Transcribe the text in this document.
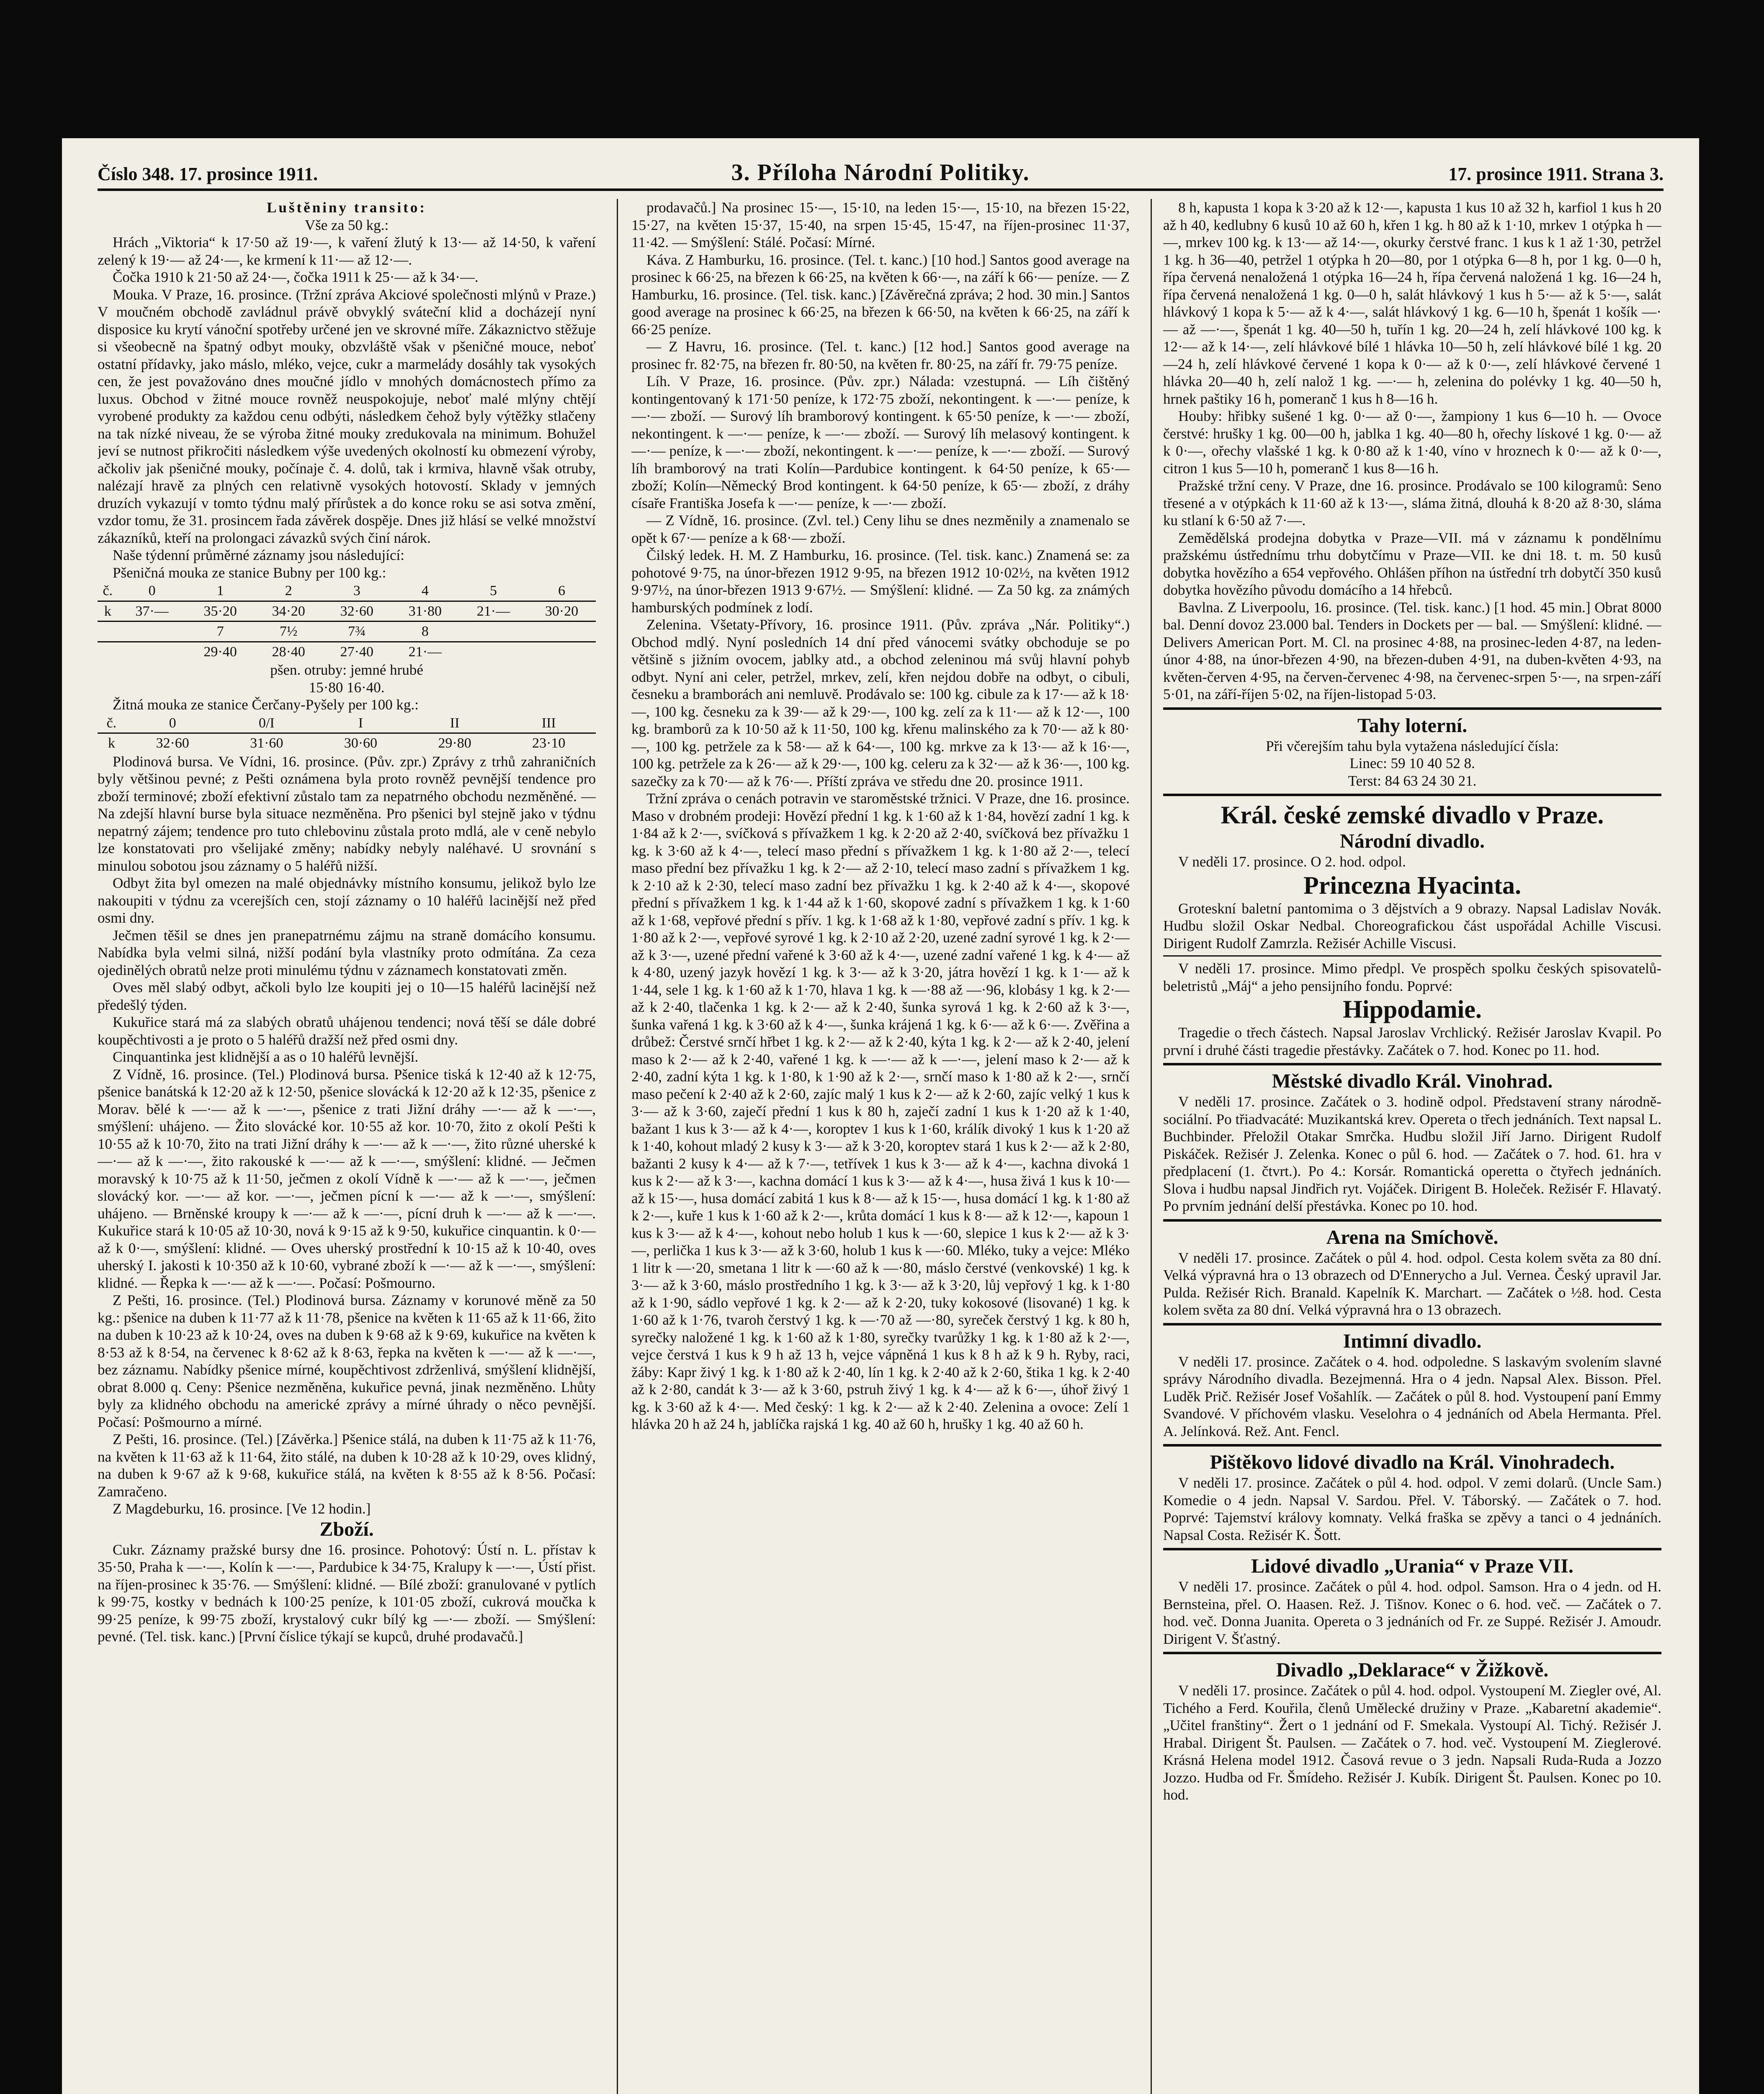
Číslo 348. 17. prosince 1911.	3. Příloha Národní Politiky.	17. prosince 1911. Strana 3.

Luštěniny transito:

Vše za 50 kg.:

Hrách „Viktoria“ k 17·50 až 19·—, k vaření žlutý k 13·— až 14·50, k vaření zelený k 19·— až 24·—, ke krmení k 11·— až 12·—.

Čočka 1910 k 21·50 až 24·—, čočka 1911 k 25·— až k 34·—.

Mouka. V Praze, 16. prosince. (Tržní zpráva Akciové společnosti mlýnů v Praze.) V moučném obchodě zavládnul právě obvyklý sváteční klid a docházejí nyní disposice ku krytí vánoční spotřeby určené jen ve skrovné míře. Zákaznictvo stěžuje si všeobecně na špatný odbyt mouky, obzvláště však v pšeničné mouce, neboť ostatní přídavky, jako máslo, mléko, vejce, cukr a marmelády dosáhly tak vysokých cen, že jest považováno dnes moučné jídlo v mnohých domácnostech přímo za luxus. Obchod v žitné mouce rovněž neuspokojuje, neboť malé mlýny chtějí vyrobené produkty za každou cenu odbýti, následkem čehož byly výtěžky stlačeny na tak nízké niveau, že se výroba žitné mouky zredukovala na minimum. Bohužel jeví se nutnost přikročiti následkem výše uvedených okolností ku obmezení výroby, ačkoliv jak pšeničné mouky, počínaje č. 4. dolů, tak i krmiva, hlavně však otruby, nalézají hravě za plných cen relativně vysokých hotovostí. Sklady v jemných druzích vykazují v tomto týdnu malý přírůstek a do konce roku se asi sotva změní, vzdor tomu, že 31. prosincem řada závěrek dospěje. Dnes již hlásí se velké množství zákazníků, kteří na prolongaci závazků svých činí nárok.

Naše týdenní průměrné záznamy jsou následující:

Pšeničná mouka ze stanice Bubny per 100 kg.:

č.	0	1	2	3	4	5	6
k	37·—	35·20	34·20	32·60	31·80	21·—	30·20
		7	7½	7¾	8		
		29·40	28·40	27·40	21·—		

pšen. otruby: jemné hrubé

15·80 16·40.

Žitná mouka ze stanice Čerčany-Pyšely per 100 kg.:

č.	0	0/I	I	II	III
k	32·60	31·60	30·60	29·80	23·10

Plodinová bursa. Ve Vídni, 16. prosince. (Pův. zpr.) Zprávy z trhů zahraničních byly většinou pevné; z Pešti oznámena byla proto rovněž pevnější tendence pro zboží terminové; zboží efektivní zůstalo tam za nepatrného obchodu nezměněné. — Na zdejší hlavní burse byla situace nezměněna. Pro pšenici byl stejně jako v týdnu nepatrný zájem; tendence pro tuto chlebovinu zůstala proto mdlá, ale v ceně nebylo lze konstatovati pro všelijaké změny; nabídky nebyly naléhavé. U srovnání s minulou sobotou jsou záznamy o 5 haléřů nižší.

Odbyt žita byl omezen na malé objednávky místního konsumu, jelikož bylo lze nakoupiti v týdnu za vcerejších cen, stojí záznamy o 10 haléřů lacinější než před osmi dny.

Ječmen těšil se dnes jen pranepatrnému zájmu na straně domácího konsumu. Nabídka byla velmi silná, nižší podání byla vlastníky proto odmítána. Za ceza ojedinělých obratů nelze proti minulému týdnu v záznamech konstatovati změn.

Oves měl slabý odbyt, ačkoli bylo lze koupiti jej o 10—15 haléřů lacinější než předešlý týden.

Kukuřice stará má za slabých obratů uhájenou tendenci; nová těší se dále dobré koupěchtivosti a je proto o 5 haléřů dražší než před osmi dny.

Cinquantinka jest klidnější a as o 10 haléřů levnější.

Z Vídně, 16. prosince. (Tel.) Plodinová bursa. Pšenice tiská k 12·40 až k 12·75, pšenice banátská k 12·20 až k 12·50, pšenice slovácká k 12·20 až k 12·35, pšenice z Morav. bělé k —·— až k —·—, pšenice z trati Jižní dráhy —·— až k —·—, smýšlení: uhájeno. — Žito slovácké kor. 10·55 až kor. 10·70, žito z okolí Pešti k 10·55 až k 10·70, žito na trati Jižní dráhy k —·— až k —·—, žito různé uherské k —·— až k —·—, žito rakouské k —·— až k —·—, smýšlení: klidné. — Ječmen moravský k 10·75 až k 11·50, ječmen z okolí Vídně k —·— až k —·—, ječmen slovácký kor. —·— až kor. —·—, ječmen pícní k —·— až k —·—, smýšlení: uhájeno. — Brněnské kroupy k —·— až k —·—, pícní druh k —·— až k —·—. Kukuřice stará k 10·05 až 10·30, nová k 9·15 až k 9·50, kukuřice cinquantin. k 0·— až k 0·—, smýšlení: klidné. — Oves uherský prostřední k 10·15 až k 10·40, oves uherský I. jakosti k 10·350 až k 10·60, vybrané zboží k —·— až k —·—, smýšlení: klidné. — Řepka k —·— až k —·—. Počasí: Pošmourno.

Z Pešti, 16. prosince. (Tel.) Plodinová bursa. Záznamy v korunové měně za 50 kg.: pšenice na duben k 11·77 až k 11·78, pšenice na květen k 11·65 až k 11·66, žito na duben k 10·23 až k 10·24, oves na duben k 9·68 až k 9·69, kukuřice na květen k 8·53 až k 8·54, na červenec k 8·62 až k 8·63, řepka na květen k —·— až k —·—, bez záznamu. Nabídky pšenice mírné, koupěchtivost zdrženlivá, smýšlení klidnější, obrat 8.000 q. Ceny: Pšenice nezměněna, kukuřice pevná, jinak nezměněno. Lhůty byly za klidného obchodu na americké zprávy a mírné úhrady o něco pevnější. Počasí: Pošmourno a mírné.

Z Pešti, 16. prosince. (Tel.) [Závěrka.] Pšenice stálá, na duben k 11·75 až k 11·76, na květen k 11·63 až k 11·64, žito stálé, na duben k 10·28 až k 10·29, oves klidný, na duben k 9·67 až k 9·68, kukuřice stálá, na květen k 8·55 až k 8·56. Počasí: Zamračeno.

Z Magdeburku, 16. prosince. [Ve 12 hodin.]

Zboží.

Cukr. Záznamy pražské bursy dne 16. prosince. Pohotový: Ústí n. L. přístav k 35·50, Praha k —·—, Kolín k —·—, Pardubice k 34·75, Kralupy k —·—, Ústí přist. na říjen-prosinec k 35·76. — Smýšlení: klidné. — Bílé zboží: granulované v pytlích k 99·75, kostky v bednách k 100·25 peníze, k 101·05 zboží, cukrová moučka k 99·25 peníze, k 99·75 zboží, krystalový cukr bílý kg —·— zboží. — Smýšlení: pevné. (Tel. tisk. kanc.) [První číslice týkají se kupců, druhé prodavačů.]

prodavačů.] Na prosinec 15·—, 15·10, na leden 15·—, 15·10, na březen 15·22, 15·27, na květen 15·37, 15·40, na srpen 15·45, 15·47, na říjen-prosinec 11·37, 11·42. — Smýšlení: Stálé. Počasí: Mírné.

Káva. Z Hamburku, 16. prosince. (Tel. t. kanc.) [10 hod.] Santos good average na prosinec k 66·25, na březen k 66·25, na květen k 66·—, na září k 66·— peníze. — Z Hamburku, 16. prosince. (Tel. tisk. kanc.) [Závěrečná zpráva; 2 hod. 30 min.] Santos good average na prosinec k 66·25, na březen k 66·50, na květen k 66·25, na září k 66·25 peníze.

— Z Havru, 16. prosince. (Tel. t. kanc.) [12 hod.] Santos good average na prosinec fr. 82·75, na březen fr. 80·50, na květen fr. 80·25, na září fr. 79·75 peníze.

Líh. V Praze, 16. prosince. (Pův. zpr.) Nálada: vzestupná. — Líh čištěný kontingentovaný k 171·50 peníze, k 172·75 zboží, nekontingent. k —·— peníze, k —·— zboží. — Surový líh bramborový kontingent. k 65·50 peníze, k —·— zboží, nekontingent. k —·— peníze, k —·— zboží. — Surový líh melasový kontingent. k —·— peníze, k —·— zboží, nekontingent. k —·— peníze, k —·— zboží. — Surový líh bramborový na trati Kolín—Pardubice kontingent. k 64·50 peníze, k 65·— zboží; Kolín—Německý Brod kontingent. k 64·50 peníze, k 65·— zboží, z dráhy císaře Františka Josefa k —·— peníze, k —·— zboží.

— Z Vídně, 16. prosince. (Zvl. tel.) Ceny lihu se dnes nezměnily a znamenalo se opět k 67·— peníze a k 68·— zboží.

Čilský ledek. H. M. Z Hamburku, 16. prosince. (Tel. tisk. kanc.) Znamená se: za pohotové 9·75, na únor-březen 1912 9·95, na březen 1912 10·02½, na květen 1912 9·97½, na únor-březen 1913 9·67½. — Smýšlení: klidné. — Za 50 kg. za známých hamburských podmínek z lodí.

Zelenina. Všetaty-Přívory, 16. prosince 1911. (Pův. zpráva „Nár. Politiky“.) Obchod mdlý. Nyní posledních 14 dní před vánocemi svátky obchoduje se po většině s jižním ovocem, jablky atd., a obchod zeleninou má svůj hlavní pohyb odbyt. Nyní ani celer, petržel, mrkev, zelí, křen nejdou dobře na odbyt, o cibuli, česneku a bramborách ani nemluvě. Prodávalo se: 100 kg. cibule za k 17·— až k 18·—, 100 kg. česneku za k 39·— až k 29·—, 100 kg. zelí za k 11·— až k 12·—, 100 kg. bramborů za k 10·50 až k 11·50, 100 kg. křenu malinského za k 70·— až k 80·—, 100 kg. petržele za k 58·— až k 64·—, 100 kg. mrkve za k 13·— až k 16·—, 100 kg. petržele za k 26·— až k 29·—, 100 kg. celeru za k 32·— až k 36·—, 100 kg. sazečky za k 70·— až k 76·—. Příští zpráva ve středu dne 20. prosince 1911.

Tržní zpráva o cenách potravin ve staroměstské tržnici. V Praze, dne 16. prosince. Maso v drobném prodeji: Hovězí přední 1 kg. k 1·60 až k 1·84, hovězí zadní 1 kg. k 1·84 až k 2·—, svíčková s přívažkem 1 kg. k 2·20 až 2·40, svíčková bez přívažku 1 kg. k 3·60 až k 4·—, telecí maso přední s přívažkem 1 kg. k 1·80 až 2·—, telecí maso přední bez přívažku 1 kg. k 2·— až 2·10, telecí maso zadní s přívažkem 1 kg. k 2·10 až k 2·30, telecí maso zadní bez přívažku 1 kg. k 2·40 až k 4·—, skopové přední s přívažkem 1 kg. k 1·44 až k 1·60, skopové zadní s přívažkem 1 kg. k 1·60 až k 1·68, vepřové přední s přív. 1 kg. k 1·68 až k 1·80, vepřové zadní s přív. 1 kg. k 1·80 až k 2·—, vepřové syrové 1 kg. k 2·10 až 2·20, uzené zadní syrové 1 kg. k 2·— až k 3·—, uzené přední vařené k 3·60 až k 4·—, uzené zadní vařené 1 kg. k 4·— až k 4·80, uzený jazyk hovězí 1 kg. k 3·— až k 3·20, játra hovězí 1 kg. k 1·— až k 1·44, sele 1 kg. k 1·60 až k 1·70, hlava 1 kg. k —·88 až —·96, klobásy 1 kg. k 2·— až k 2·40, tlačenka 1 kg. k 2·— až k 2·40, šunka syrová 1 kg. k 2·60 až k 3·—, šunka vařená 1 kg. k 3·60 až k 4·—, šunka krájená 1 kg. k 6·— až k 6·—. Zvěřina a drůbež: Čerstvé srnčí hřbet 1 kg. k 2·— až k 2·40, kýta 1 kg. k 2·— až k 2·40, jelení maso k 2·— až k 2·40, vařené 1 kg. k —·— až k —·—, jelení maso k 2·— až k 2·40, zadní kýta 1 kg. k 1·80, k 1·90 až k 2·—, srnčí maso k 1·80 až k 2·—, srnčí maso pečení k 2·40 až k 2·60, zajíc malý 1 kus k 2·— až k 2·60, zajíc velký 1 kus k 3·— až k 3·60, zaječí přední 1 kus k 80 h, zaječí zadní 1 kus k 1·20 až k 1·40, bažant 1 kus k 3·— až k 4·—, koroptev 1 kus k 1·60, králík divoký 1 kus k 1·20 až k 1·40, kohout mladý 2 kusy k 3·— až k 3·20, koroptev stará 1 kus k 2·— až k 2·80, bažanti 2 kusy k 4·— až k 7·—, tetřívek 1 kus k 3·— až k 4·—, kachna divoká 1 kus k 2·— až k 3·—, kachna domácí 1 kus k 3·— až k 4·—, husa živá 1 kus k 10·— až k 15·—, husa domácí zabitá 1 kus k 8·— až k 15·—, husa domácí 1 kg. k 1·80 až k 2·—, kuře 1 kus k 1·60 až k 2·—, krůta domácí 1 kus k 8·— až k 12·—, kapoun 1 kus k 3·— až k 4·—, kohout nebo holub 1 kus k —·60, slepice 1 kus k 2·— až k 3·—, perlička 1 kus k 3·— až k 3·60, holub 1 kus k —·60. Mléko, tuky a vejce: Mléko 1 litr k —·20, smetana 1 litr k —·60 až k —·80, máslo čerstvé (venkovské) 1 kg. k 3·— až k 3·60, máslo prostředního 1 kg. k 3·— až k 3·20, lůj vepřový 1 kg. k 1·80 až k 1·90, sádlo vepřové 1 kg. k 2·— až k 2·20, tuky kokosové (lisované) 1 kg. k 1·60 až k 1·76, tvaroh čerstvý 1 kg. k —·70 až —·80, syreček čerstvý 1 kg. k 80 h, syrečky naložené 1 kg. k 1·60 až k 1·80, syrečky tvarůžky 1 kg. k 1·80 až k 2·—, vejce čerstvá 1 kus k 9 h až 13 h, vejce vápněná 1 kus k 8 h až k 9 h. Ryby, raci, žáby: Kapr živý 1 kg. k 1·80 až k 2·40, lín 1 kg. k 2·40 až k 2·60, štika 1 kg. k 2·40 až k 2·80, candát k 3·— až k 3·60, pstruh živý 1 kg. k 4·— až k 6·—, úhoř živý 1 kg. k 3·60 až k 4·—. Med český: 1 kg. k 2·— až k 2·40. Zelenina a ovoce: Zelí 1 hlávka 20 h až 24 h, jablíčka rajská 1 kg. 40 až 60 h, hrušky 1 kg. 40 až 60 h.

8 h, kapusta 1 kopa k 3·20 až k 12·—, kapusta 1 kus 10 až 32 h, karfiol 1 kus h 20 až h 40, kedlubny 6 kusů 10 až 60 h, křen 1 kg. h 80 až k 1·10, mrkev 1 otýpka h — —, mrkev 100 kg. k 13·— až 14·—, okurky čerstvé franc. 1 kus k 1 až 1·30, petržel 1 kg. h 36—40, petržel 1 otýpka h 20—80, por 1 otýpka 6—8 h, por 1 kg. 0—0 h, řípa červená nenaložená 1 otýpka 16—24 h, řípa červená naložená 1 kg. 16—24 h, řípa červená nenaložená 1 kg. 0—0 h, salát hlávkový 1 kus h 5·— až k 5·—, salát hlávkový 1 kopa k 5·— až k 4·—, salát hlávkový 1 kg. 6—10 h, špenát 1 košík —·— až —·—, špenát 1 kg. 40—50 h, tuřín 1 kg. 20—24 h, zelí hlávkové 100 kg. k 12·— až k 14·—, zelí hlávkové bílé 1 hlávka 10—50 h, zelí hlávkové bílé 1 kg. 20—24 h, zelí hlávkové červené 1 kopa k 0·— až k 0·—, zelí hlávkové červené 1 hlávka 20—40 h, zelí nalož 1 kg. —·— h, zelenina do polévky 1 kg. 40—50 h, hrnek paštiky 16 h, pomeranč 1 kus h 8—16 h.

Houby: hřibky sušené 1 kg. 0·— až 0·—, žampiony 1 kus 6—10 h. — Ovoce čerstvé: hrušky 1 kg. 00—00 h, jablka 1 kg. 40—80 h, ořechy lískové 1 kg. 0·— až k 0·—, ořechy vlašské 1 kg. k 0·80 až k 1·40, víno v hroznech k 0·— až k 0·—, citron 1 kus 5—10 h, pomeranč 1 kus 8—16 h.

Pražské tržní ceny. V Praze, dne 16. prosince. Prodávalo se 100 kilogramů: Seno třesené a v otýpkách k 11·60 až k 13·—, sláma žitná, dlouhá k 8·20 až 8·30, sláma ku stlaní k 6·50 až 7·—.

Zemědělská prodejna dobytka v Praze—VII. má v záznamu k pondělnímu pražskému ústřednímu trhu dobytčímu v Praze—VII. ke dni 18. t. m. 50 kusů dobytka hovězího a 654 vepřového. Ohlášen příhon na ústřední trh dobytčí 350 kusů dobytka hovězího původu domácího a 14 hřebců.

Bavlna. Z Liverpoolu, 16. prosince. (Tel. tisk. kanc.) [1 hod. 45 min.] Obrat 8000 bal. Denní dovoz 23.000 bal. Tenders in Dockets per — bal. — Smýšlení: klidné. — Delivers American Port. M. Cl. na prosinec 4·88, na prosinec-leden 4·87, na leden-únor 4·88, na únor-březen 4·90, na březen-duben 4·91, na duben-květen 4·93, na květen-červen 4·95, na červen-červenec 4·98, na červenec-srpen 5·—, na srpen-září 5·01, na září-říjen 5·02, na říjen-listopad 5·03.

Tahy loterní.

Při včerejším tahu byla vytažena následující čísla:

Linec: 59 10 40 52 8.

Terst: 84 63 24 30 21.

Král. české zemské divadlo v Praze.

Národní divadlo.

V neděli 17. prosince. O 2. hod. odpol.

Princezna Hyacinta.

Groteskní baletní pantomima o 3 dějstvích a 9 obrazy. Napsal Ladislav Novák. Hudbu složil Oskar Nedbal. Choreografickou část uspořádal Achille Viscusi. Dirigent Rudolf Zamrzla. Režisér Achille Viscusi.

V neděli 17. prosince. Mimo předpl. Ve prospěch spolku českých spisovatelů-beletristů „Máj“ a jeho pensijního fondu. Poprvé:

Hippodamie.

Tragedie o třech částech. Napsal Jaroslav Vrchlický. Režisér Jaroslav Kvapil. Po první i druhé části tragedie přestávky. Začátek o 7. hod. Konec po 11. hod.

Městské divadlo Král. Vinohrad.

V neděli 17. prosince. Začátek o 3. hodině odpol. Představení strany národně-sociální. Po třiadvacáté: Muzikantská krev. Opereta o třech jednáních. Text napsal L. Buchbinder. Přeložil Otakar Smrčka. Hudbu složil Jiří Jarno. Dirigent Rudolf Piskáček. Režisér J. Zelenka. Konec o půl 6. hod. — Začátek o 7. hod. 61. hra v předplacení (1. čtvrt.). Po 4.: Korsár. Romantická operetta o čtyřech jednáních. Slova i hudbu napsal Jindřich ryt. Vojáček. Dirigent B. Holeček. Režisér F. Hlavatý. Po prvním jednání delší přestávka. Konec po 10. hod.

Arena na Smíchově.

V neděli 17. prosince. Začátek o půl 4. hod. odpol. Cesta kolem světa za 80 dní. Velká výpravná hra o 13 obrazech od D'Ennerycho a Jul. Vernea. Český upravil Jar. Pulda. Režisér Rich. Branald. Kapelník K. Marchart. — Začátek o ½8. hod. Cesta kolem světa za 80 dní. Velká výpravná hra o 13 obrazech.

Intimní divadlo.

V neděli 17. prosince. Začátek o 4. hod. odpoledne. S laskavým svolením slavné správy Národního divadla. Bezejmenná. Hra o 4 jedn. Napsal Alex. Bisson. Přel. Luděk Prič. Režisér Josef Vošahlík. — Začátek o půl 8. hod. Vystoupení paní Emmy Svandové. V příchovém vlasku. Veselohra o 4 jednáních od Abela Hermanta. Přel. A. Jelínková. Rež. Ant. Fencl.

Pištěkovo lidové divadlo na Král. Vinohradech.

V neděli 17. prosince. Začátek o půl 4. hod. odpol. V zemi dolarů. (Uncle Sam.) Komedie o 4 jedn. Napsal V. Sardou. Přel. V. Táborský. — Začátek o 7. hod. Poprvé: Tajemství královy komnaty. Velká fraška se zpěvy a tanci o 4 jednáních. Napsal Costa. Režisér K. Šott.

Lidové divadlo „Urania“ v Praze VII.

V neděli 17. prosince. Začátek o půl 4. hod. odpol. Samson. Hra o 4 jedn. od H. Bernsteina, přel. O. Haasen. Rež. J. Tišnov. Konec o 6. hod. več. — Začátek o 7. hod. več. Donna Juanita. Opereta o 3 jednáních od Fr. ze Suppé. Režisér J. Amoudr. Dirigent V. Šťastný.

Divadlo „Deklarace“ v Žižkově.

V neděli 17. prosince. Začátek o půl 4. hod. odpol. Vystoupení M. Ziegler ové, Al. Tichého a Ferd. Kouřila, členů Umělecké družiny v Praze. „Kabaretní akademie“. „Učitel franštiny“. Žert o 1 jednání od F. Smekala. Vystoupí Al. Tichý. Režisér J. Hrabal. Dirigent Št. Paulsen. — Začátek o 7. hod. več. Vystoupení M. Zieglerové. Krásná Helena model 1912. Časová revue o 3 jedn. Napsali Ruda-Ruda a Jozzo Jozzo. Hudba od Fr. Šmídeho. Režisér J. Kubík. Dirigent Št. Paulsen. Konec po 10. hod.
